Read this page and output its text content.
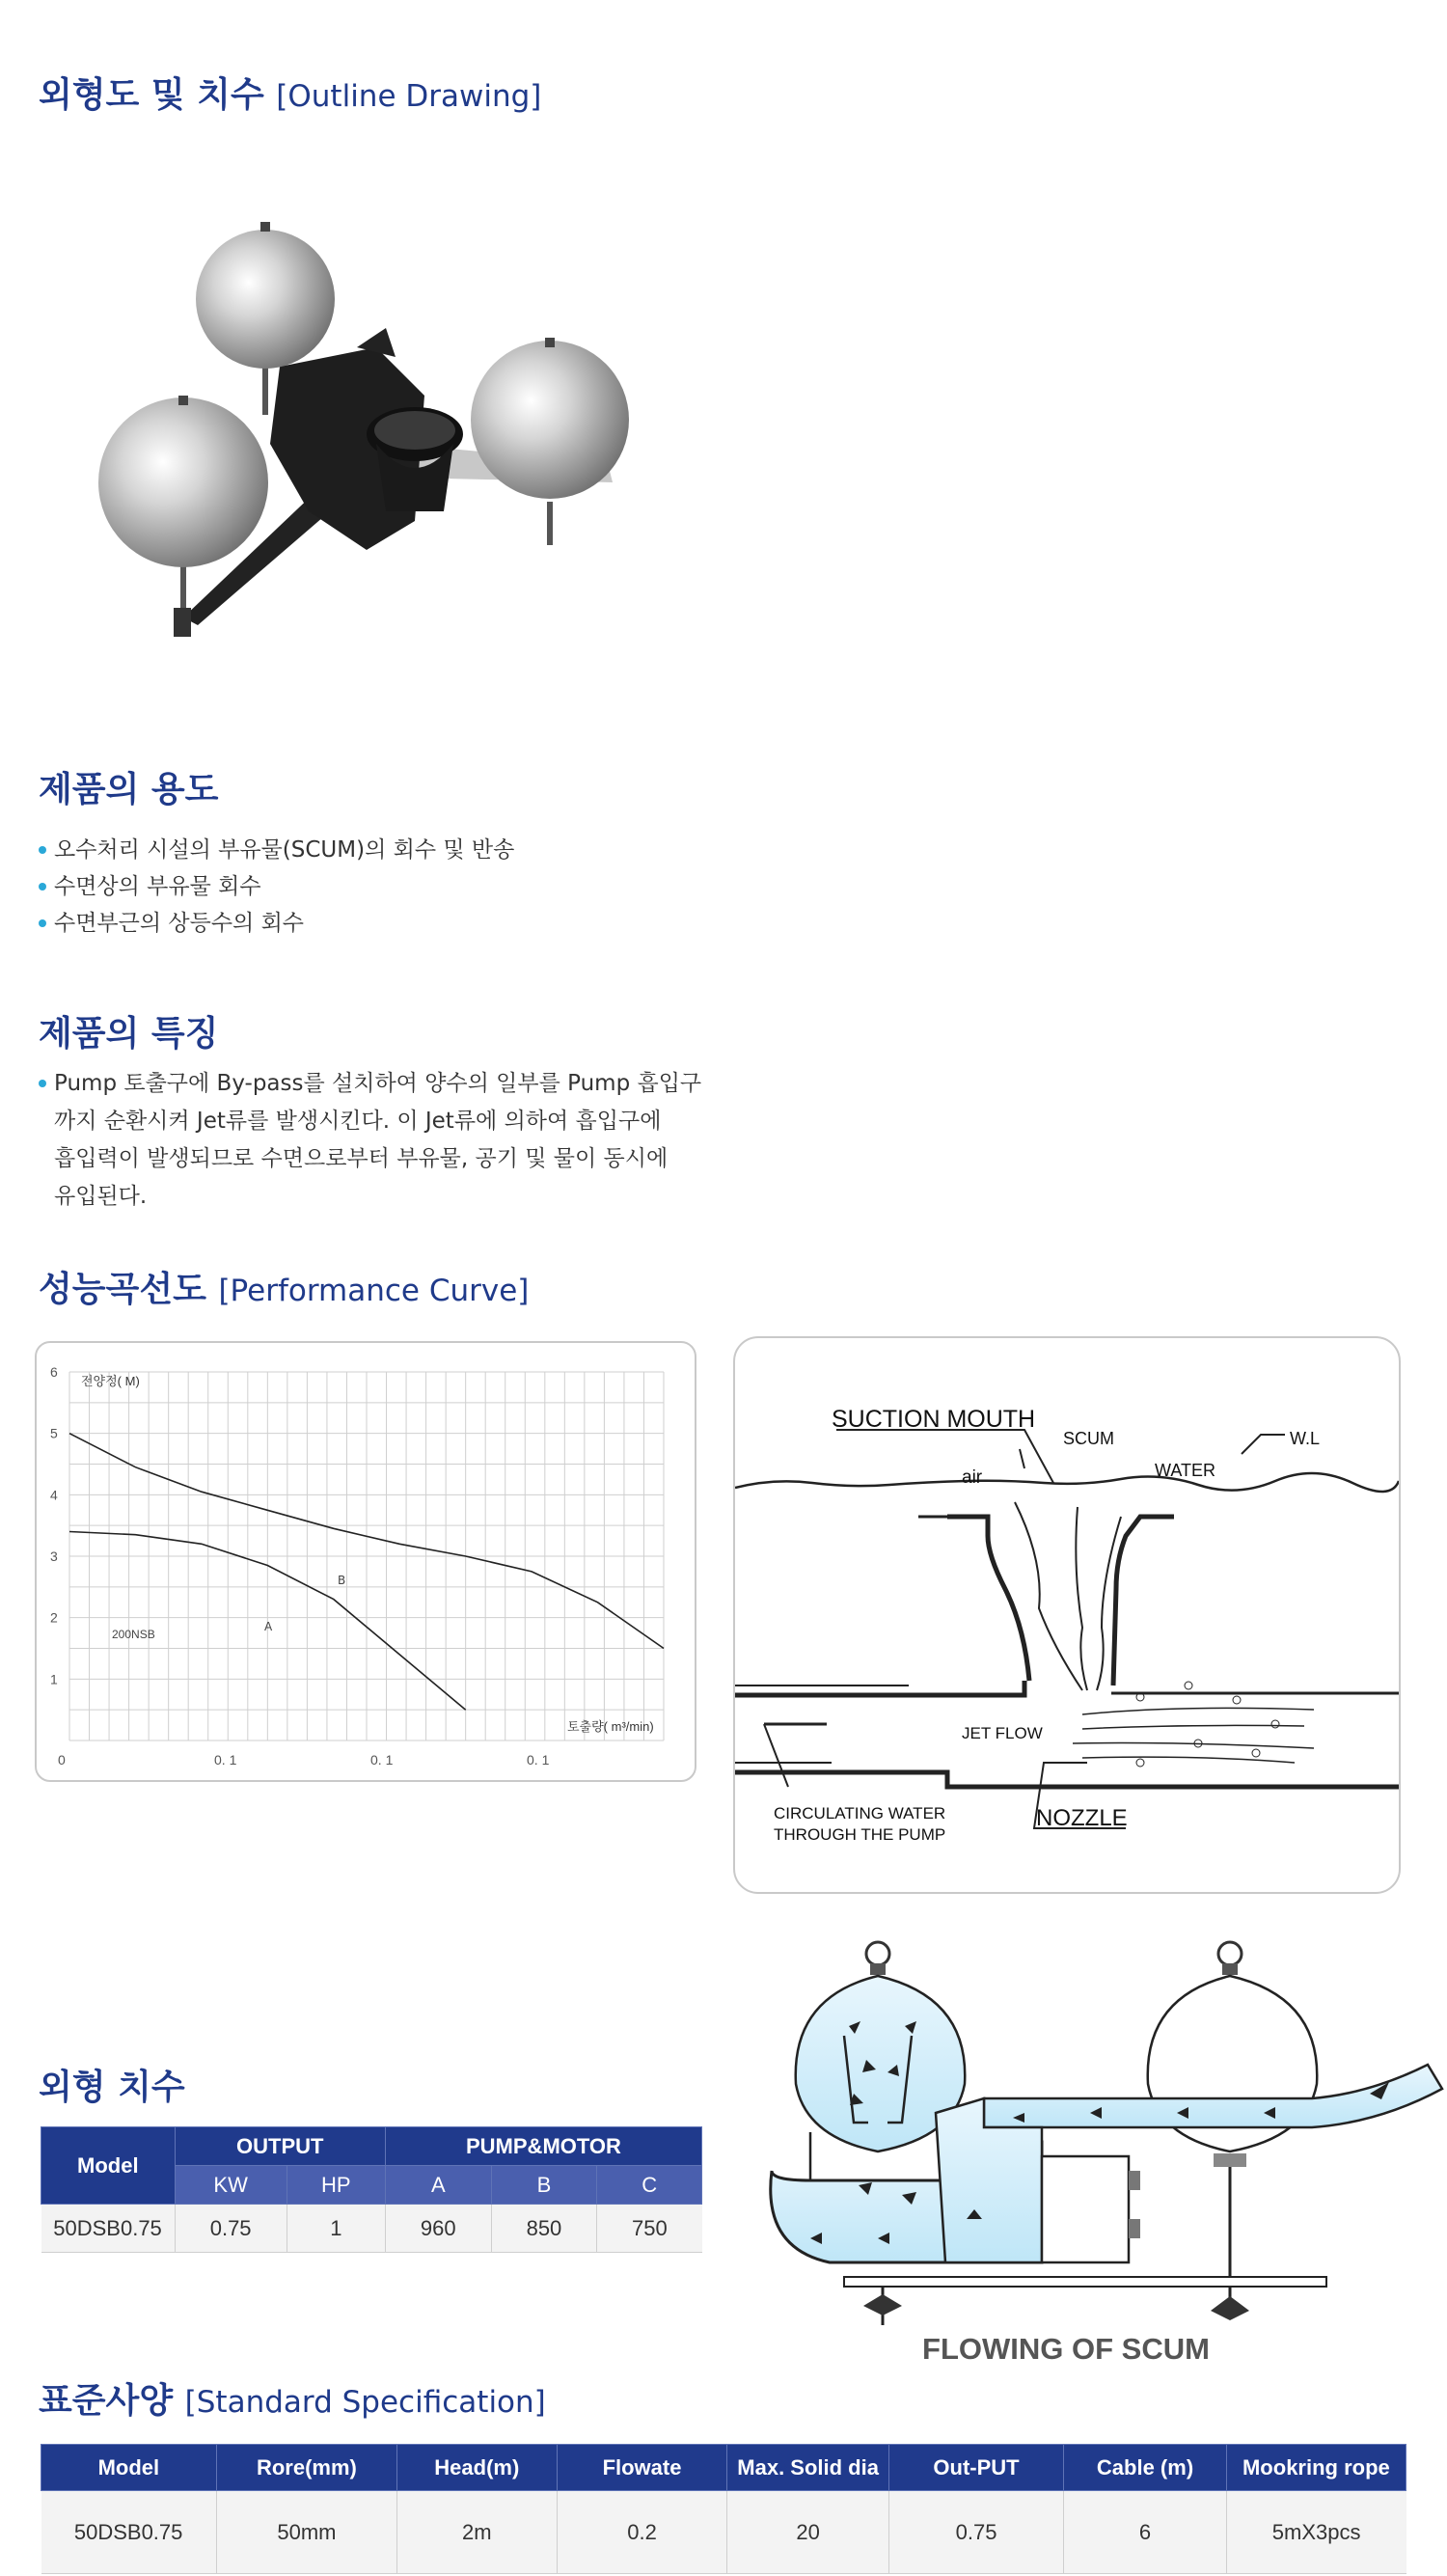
외형도 및 치수 [Outline Drawing]
제품의 용도
오수처리 시설의 부유물(SCUM)의 회수 및 반송
수면상의 부유물 회수
수면부근의 상등수의 회수
제품의 특징
Pump 토출구에 By-pass를 설치하여 양수의 일부를 Pump 흡입구
까지 순환시켜 Jet류를 발생시킨다. 이 Jet류에 의하여 흡입구에
흡입력이 발생되므로 수면으로부터 부유물, 공기 및 물이 동시에
유입된다.
성능곡선도 [Performance Curve]
6
5
4
3
2
1
0	0. 1	0. 1	0. 1
전양정( M)
토출량( m³/min)
200NSB
A
B
SUCTION MOUTH
SCUM	W.L
air	WATER
JET FLOW
CIRCULATING WATER
THROUGH THE PUMP
NOZZLE
외형 치수
Model	OUTPUT		PUMP&MOTOR		
	KW	HP	A	B	C
50DSB0.75	0.75	1	960	850	750
FLOWING OF SCUM
표준사양 [Standard Specification]
Model	Rore(mm)	Head(m)	Flowate	Max. Solid dia	Out-PUT	Cable (m)	Mookring rope
50DSB0.75	50mm	2m	0.2	20	0.75	6	5mX3pcs
